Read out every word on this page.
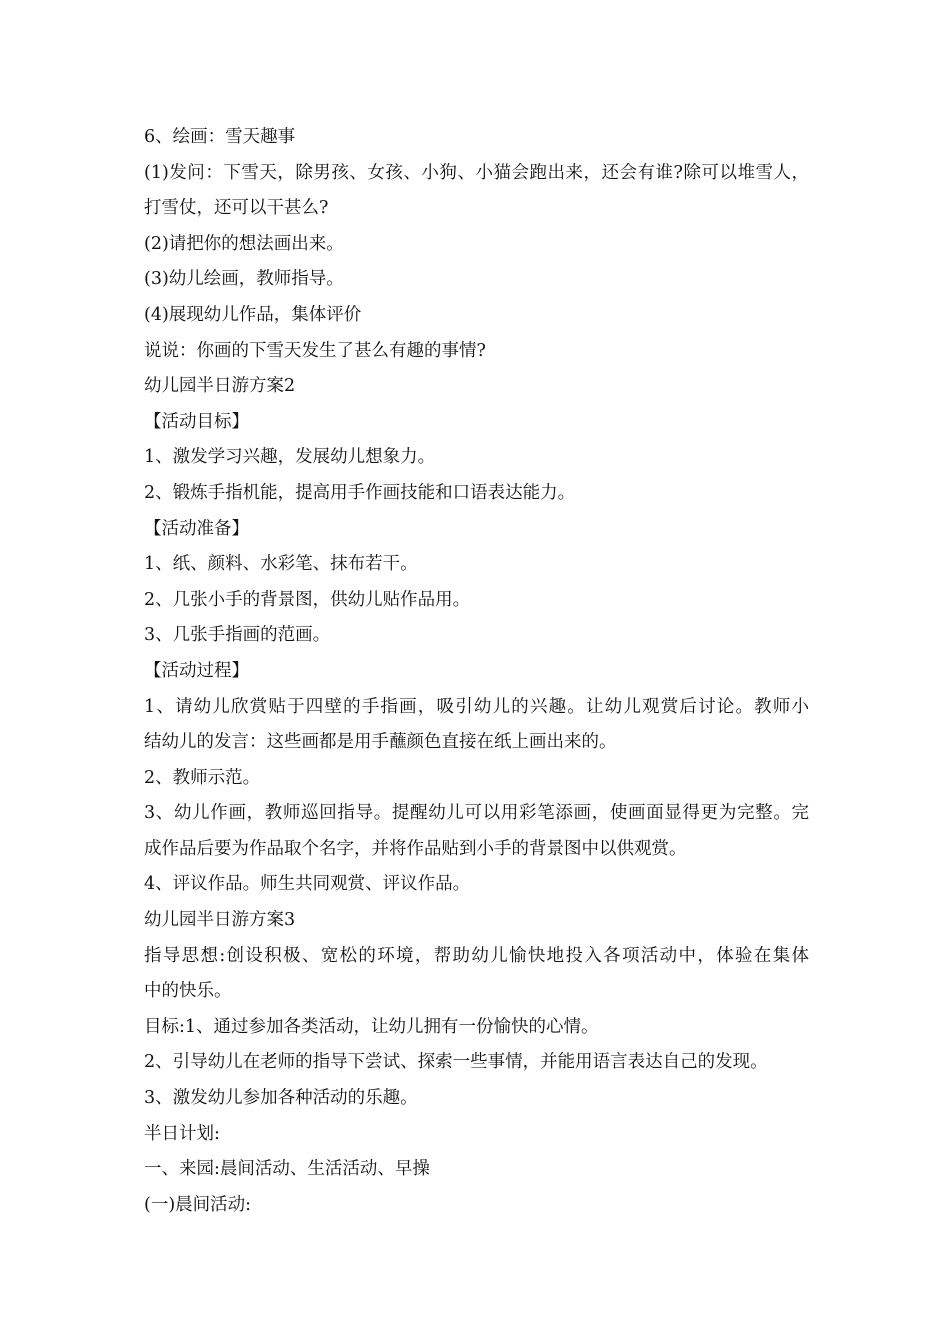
6、绘画：雪天趣事
(1)发问：下雪天，除男孩、女孩、小狗、小猫会跑出来，还会有谁?除可以堆雪人，
打雪仗，还可以干甚么?
(2)请把你的想法画出来。
(3)幼儿绘画，教师指导。
(4)展现幼儿作品，集体评价
说说：你画的下雪天发生了甚么有趣的事情?
幼儿园半日游方案2
【活动目标】
1、激发学习兴趣，发展幼儿想象力。
2、锻炼手指机能，提高用手作画技能和口语表达能力。
【活动准备】
1、纸、颜料、水彩笔、抹布若干。
2、几张小手的背景图，供幼儿贴作品用。
3、几张手指画的范画。
【活动过程】
1、请幼儿欣赏贴于四壁的手指画，吸引幼儿的兴趣。让幼儿观赏后讨论。教师小
结幼儿的发言：这些画都是用手蘸颜色直接在纸上画出来的。
2、教师示范。
3、幼儿作画，教师巡回指导。提醒幼儿可以用彩笔添画，使画面显得更为完整。完
成作品后要为作品取个名字，并将作品贴到小手的背景图中以供观赏。
4、评议作品。师生共同观赏、评议作品。
幼儿园半日游方案3
指导思想:创设积极、宽松的环境，帮助幼儿愉快地投入各项活动中，体验在集体
中的快乐。
目标:1、通过参加各类活动，让幼儿拥有一份愉快的心情。
2、引导幼儿在老师的指导下尝试、探索一些事情，并能用语言表达自己的发现。
3、激发幼儿参加各种活动的乐趣。
半日计划:
一、来园:晨间活动、生活活动、早操
(一)晨间活动:
